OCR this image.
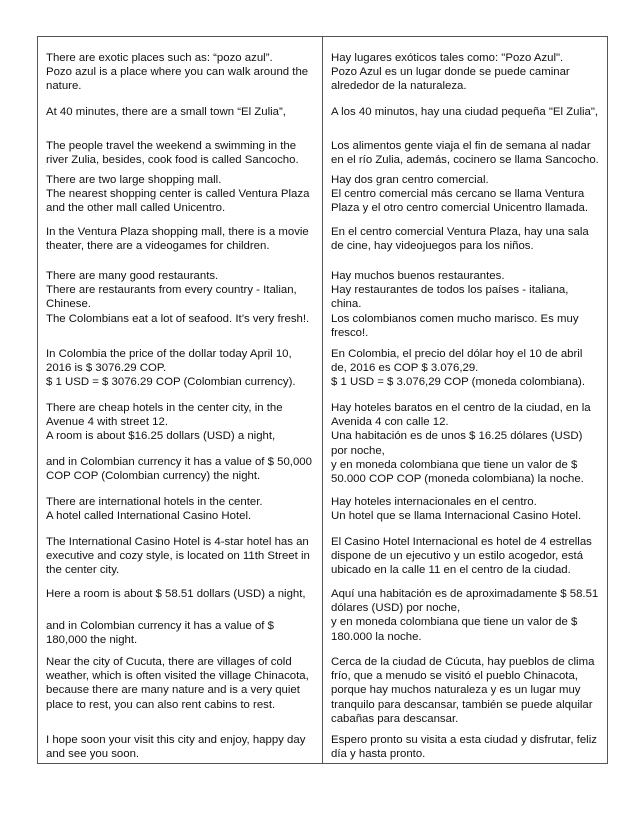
There are exotic places such as: “pozo azul”.
Pozo azul is a place where you can walk around the nature.
At 40 minutes, there are a small town “El Zulia”,
The people travel the weekend a swimming in the river Zulia, besides, cook food is called Sancocho.
There are two large shopping mall.
The nearest shopping center is called Ventura Plaza and the other mall called Unicentro.
In the Ventura Plaza shopping mall, there is a movie theater, there are a videogames for children.
There are many good restaurants.
There are restaurants from every country - Italian, Chinese.
The Colombians eat a lot of seafood. It’s very fresh!.
In Colombia the price of the dollar today April 10, 2016 is $ 3076.29 COP.
$ 1 USD = $ 3076.29 COP (Colombian currency).
There are cheap hotels in the center city, in the Avenue 4 with street 12.
A room is about $16.25 dollars (USD) a night,
and in Colombian currency it has a value of $ 50,000 COP COP (Colombian currency) the night.
There are international hotels in the center.
A hotel called International Casino Hotel.
The International Casino Hotel is 4-star hotel has an executive and cozy style, is located on 11th Street in the center city.
Here a room is about $ 58.51 dollars (USD) a night,
and in Colombian currency it has a value of $ 180,000 the night.
Near the city of Cucuta, there are villages of cold weather, which is often visited the village Chinacota, because there are many nature and is a very quiet place to rest, you can also rent cabins to rest.
I hope soon your visit this city and enjoy, happy day and see you soon.
Hay lugares exóticos tales como: "Pozo Azul".
Pozo Azul es un lugar donde se puede caminar alrededor de la naturaleza.
A los 40 minutos, hay una ciudad pequeña "El Zulia",
Los alimentos gente viaja el fin de semana al nadar en el río Zulia, además, cocinero se llama Sancocho.
Hay dos gran centro comercial.
El centro comercial más cercano se llama Ventura Plaza y el otro centro comercial Unicentro llamada.
En el centro comercial Ventura Plaza, hay una sala de cine, hay videojuegos para los niños.
Hay muchos buenos restaurantes.
Hay restaurantes de todos los países - italiana, china.
Los colombianos comen mucho marisco. Es muy fresco!.
En Colombia, el precio del dólar hoy el 10 de abril de, 2016 es COP $ 3.076,29.
$ 1 USD = $ 3.076,29 COP (moneda colombiana).
Hay hoteles baratos en el centro de la ciudad, en la Avenida 4 con calle 12.
Una habitación es de unos $ 16.25 dólares (USD) por noche,
y en moneda colombiana que tiene un valor de $ 50.000 COP COP (moneda colombiana) la noche.
Hay hoteles internacionales en el centro.
Un hotel que se llama Internacional Casino Hotel.
El Casino Hotel Internacional es hotel de 4 estrellas dispone de un ejecutivo y un estilo acogedor, está ubicado en la calle 11 en el centro de la ciudad.
Aquí una habitación es de aproximadamente $ 58.51 dólares (USD) por noche,
y en moneda colombiana que tiene un valor de $ 180.000 la noche.
Cerca de la ciudad de Cúcuta, hay pueblos de clima frío, que a menudo se visitó el pueblo Chinacota, porque hay muchos naturaleza y es un lugar muy tranquilo para descansar, también se puede alquilar cabañas para descansar.
Espero pronto su visita a esta ciudad y disfrutar, feliz día y hasta pronto.
